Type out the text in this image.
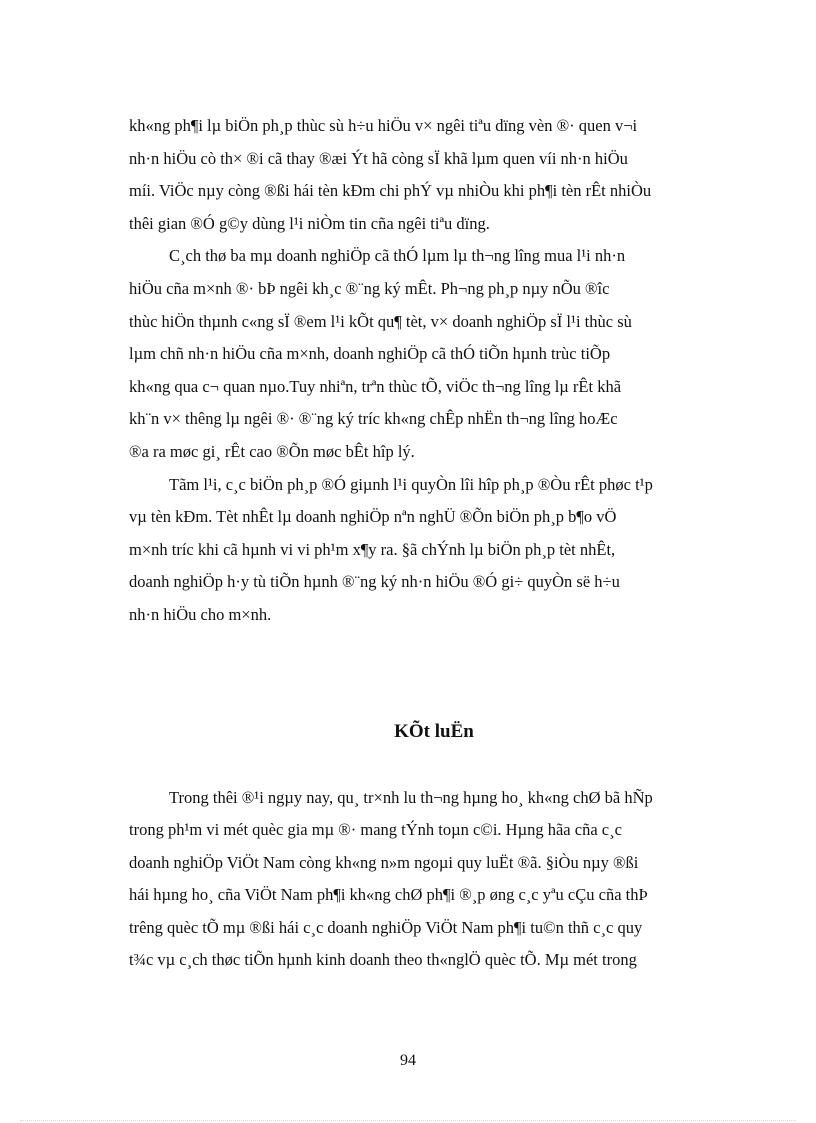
kh«ng ph¶i lµ biÖn ph¸p thùc sù h÷u hiÖu v× ngêi tiªu dïng vèn ®· quen v¬i
nh·n hiÖu cò th× ®i cã thay ®æi Ýt hã còng sÏ khã lµm quen víi nh·n hiÖu
míi. ViÖc nµy còng ®ßi hái tèn kÐm chi phÝ vµ nhiÒu khi ph¶i tèn rÊt nhiÒu
thêi gian ®Ó g©y dùng l¹i niÒm tin cña ngêi tiªu dïng.

C¸ch thø ba mµ doanh nghiÖp cã thÓ lµm lµ th¬ng lîng mua l¹i nh·n
hiÖu cña m×nh ®· bÞ ngêi kh¸c ®¨ng ký mÊt. Ph¬ng ph¸p nµy nÕu ®îc
thùc hiÖn thµnh c«ng sÏ ®em l¹i kÕt qu¶ tèt, v× doanh nghiÖp sÏ l¹i thùc sù
lµm chñ nh·n hiÖu cña m×nh, doanh nghiÖp cã thÓ tiÕn hµnh trùc tiÕp
kh«ng qua c¬ quan nµo.Tuy nhiªn, trªn thùc tÕ, viÖc th¬ng lîng lµ rÊt khã
kh¨n v× thêng lµ ngêi ®· ®¨ng ký tríc kh«ng chÊp nhËn th¬ng lîng hoÆc
®a ra møc gi¸ rÊt cao ®Õn møc bÊt hîp lý.

Tãm l¹i, c¸c biÖn ph¸p ®Ó giµnh l¹i quyÒn lîi hîp ph¸p ®Òu rÊt phøc t¹p
vµ tèn kÐm. Tèt nhÊt lµ doanh nghiÖp nªn nghÜ ®Õn biÖn ph¸p b¶o vÖ
m×nh tríc khi cã hµnh vi vi ph¹m x¶y ra. §ã chÝnh lµ biÖn ph¸p tèt nhÊt,
doanh nghiÖp h·y tù tiÕn hµnh ®¨ng ký nh·n hiÖu ®Ó gi÷ quyÒn së h÷u
nh·n hiÖu cho m×nh.

KÕt luËn

Trong thêi ®¹i ngµy nay, qu¸ tr×nh lu th¬ng hµng ho¸ kh«ng chØ bã hÑp
trong ph¹m vi mét quèc gia mµ ®· mang tÝnh toµn c©i. Hµng hãa cña c¸c
doanh nghiÖp ViÖt Nam còng kh«ng n»m ngoµi quy luËt ®ã. §iÒu nµy ®ßi
hái hµng ho¸ cña ViÖt Nam ph¶i kh«ng chØ ph¶i ®¸p øng c¸c yªu cÇu cña thÞ
trêng quèc tÕ mµ ®ßi hái c¸c doanh nghiÖp ViÖt Nam ph¶i tu©n thñ c¸c quy
t¾c vµ c¸ch thøc tiÕn hµnh kinh doanh theo th«nglÖ quèc tÕ. Mµ mét trong

94
